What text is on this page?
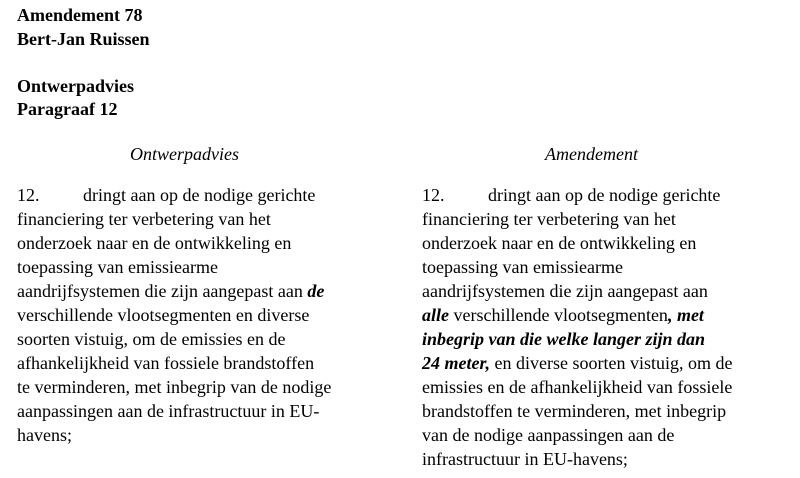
Amendement 78
Bert-Jan Ruissen
Ontwerpadvies
Paragraaf 12
Ontwerpadvies	Amendement
12. dringt aan op de nodige gerichte
financiering ter verbetering van het
onderzoek naar en de ontwikkeling en
toepassing van emissiearme
aandrijfsystemen die zijn aangepast aan de
verschillende vlootsegmenten en diverse
soorten vistuig, om de emissies en de
afhankelijkheid van fossiele brandstoffen
te verminderen, met inbegrip van de nodige
aanpassingen aan de infrastructuur in EU-
havens;
12. dringt aan op de nodige gerichte
financiering ter verbetering van het
onderzoek naar en de ontwikkeling en
toepassing van emissiearme
aandrijfsystemen die zijn aangepast aan
alle verschillende vlootsegmenten, met
inbegrip van die welke langer zijn dan
24 meter, en diverse soorten vistuig, om de
emissies en de afhankelijkheid van fossiele
brandstoffen te verminderen, met inbegrip
van de nodige aanpassingen aan de
infrastructuur in EU-havens;
